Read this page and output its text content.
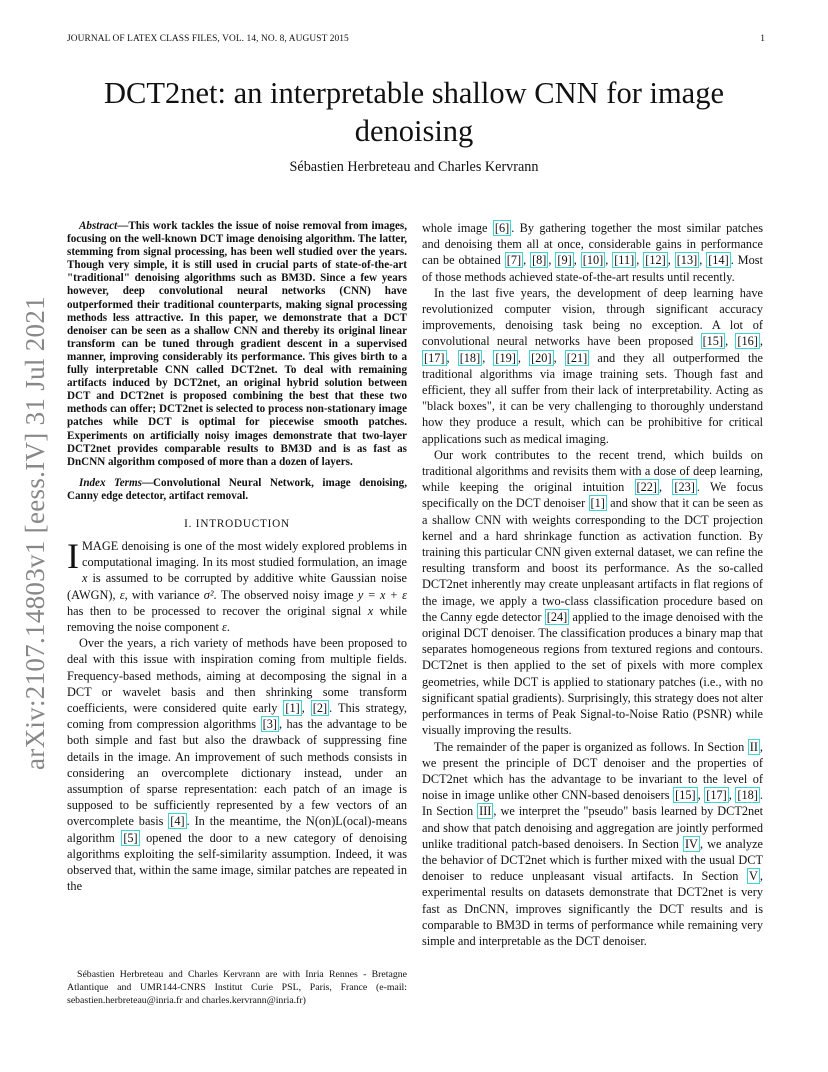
JOURNAL OF LATEX CLASS FILES, VOL. 14, NO. 8, AUGUST 2015	1
arXiv:2107.14803v1 [eess.IV] 31 Jul 2021
DCT2net: an interpretable shallow CNN for image denoising
Sébastien Herbreteau and Charles Kervrann

Abstract—This work tackles the issue of noise removal from images, focusing on the well-known DCT image denoising algorithm. The latter, stemming from signal processing, has been well studied over the years. Though very simple, it is still used in crucial parts of state-of-the-art "traditional" denoising algorithms such as BM3D. Since a few years however, deep convolutional neural networks (CNN) have outperformed their traditional counterparts, making signal processing methods less attractive. In this paper, we demonstrate that a DCT denoiser can be seen as a shallow CNN and thereby its original linear transform can be tuned through gradient descent in a supervised manner, improving considerably its performance. This gives birth to a fully interpretable CNN called DCT2net. To deal with remaining artifacts induced by DCT2net, an original hybrid solution between DCT and DCT2net is proposed combining the best that these two methods can offer; DCT2net is selected to process non-stationary image patches while DCT is optimal for piecewise smooth patches. Experiments on artificially noisy images demonstrate that two-layer DCT2net provides comparable results to BM3D and is as fast as DnCNN algorithm composed of more than a dozen of layers.

Index Terms—Convolutional Neural Network, image denoising, Canny edge detector, artifact removal.

I. INTRODUCTION

IMAGE denoising is one of the most widely explored problems in computational imaging. In its most studied formulation, an image x is assumed to be corrupted by additive white Gaussian noise (AWGN), ε, with variance σ². The observed noisy image y = x + ε has then to be processed to recover the original signal x while removing the noise component ε.

Over the years, a rich variety of methods have been proposed to deal with this issue with inspiration coming from multiple fields. Frequency-based methods, aiming at decomposing the signal in a DCT or wavelet basis and then shrinking some transform coefficients, were considered quite early [1] , [2] . This strategy, coming from compression algorithms [3] , has the advantage to be both simple and fast but also the drawback of suppressing fine details in the image. An improvement of such methods consists in considering an overcomplete dictionary instead, under an assumption of sparse representation: each patch of an image is supposed to be sufficiently represented by a few vectors of an overcomplete basis [4] . In the meantime, the N(on)L(ocal)-means algorithm [5] opened the door to a new category of denoising algorithms exploiting the self-similarity assumption. Indeed, it was observed that, within the same image, similar patches are repeated in the

Sébastien Herbreteau and Charles Kervrann are with Inria Rennes - Bretagne Atlantique and UMR144-CNRS Institut Curie PSL, Paris, France (e-mail: sebastien.herbreteau@inria.fr and charles.kervrann@inria.fr)

whole image [6] . By gathering together the most similar patches and denoising them all at once, considerable gains in performance can be obtained [7] , [8] , [9] , [10] , [11] , [12] , [13] , [14] . Most of those methods achieved state-of-the-art results until recently.

In the last five years, the development of deep learning have revolutionized computer vision, through significant accuracy improvements, denoising task being no exception. A lot of convolutional neural networks have been proposed [15] , [16] , [17] , [18] , [19] , [20] , [21] and they all outperformed the traditional algorithms via image training sets. Though fast and efficient, they all suffer from their lack of interpretability. Acting as "black boxes", it can be very challenging to thoroughly understand how they produce a result, which can be prohibitive for critical applications such as medical imaging.

Our work contributes to the recent trend, which builds on traditional algorithms and revisits them with a dose of deep learning, while keeping the original intuition [22] , [23] . We focus specifically on the DCT denoiser [1] and show that it can be seen as a shallow CNN with weights corresponding to the DCT projection kernel and a hard shrinkage function as activation function. By training this particular CNN given external dataset, we can refine the resulting transform and boost its performance. As the so-called DCT2net inherently may create unpleasant artifacts in flat regions of the image, we apply a two-class classification procedure based on the Canny egde detector [24] applied to the image denoised with the original DCT denoiser. The classification produces a binary map that separates homogeneous regions from textured regions and contours. DCT2net is then applied to the set of pixels with more complex geometries, while DCT is applied to stationary patches (i.e., with no significant spatial gradients). Surprisingly, this strategy does not alter performances in terms of Peak Signal-to-Noise Ratio (PSNR) while visually improving the results.

The remainder of the paper is organized as follows. In Section II , we present the principle of DCT denoiser and the properties of DCT2net which has the advantage to be invariant to the level of noise in image unlike other CNN-based denoisers [15] , [17] , [18] . In Section III , we interpret the "pseudo" basis learned by DCT2net and show that patch denoising and aggregation are jointly performed unlike traditional patch-based denoisers. In Section IV , we analyze the behavior of DCT2net which is further mixed with the usual DCT denoiser to reduce unpleasant visual artifacts. In Section V , experimental results on datasets demonstrate that DCT2net is very fast as DnCNN, improves significantly the DCT results and is comparable to BM3D in terms of performance while remaining very simple and interpretable as the DCT denoiser.
